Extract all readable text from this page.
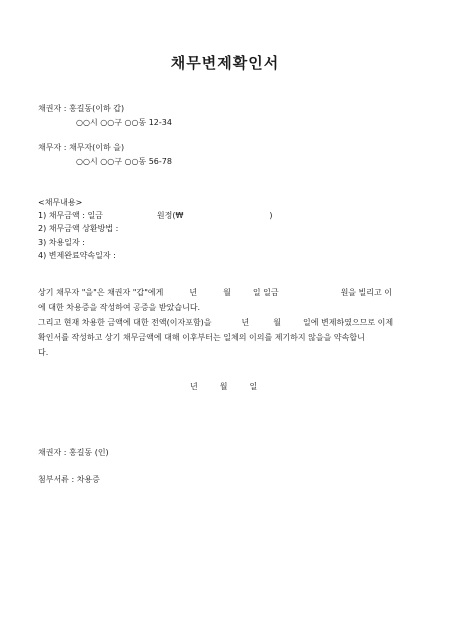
채무변제확인서
채권자 : 홍길동(이하 갑)
○○시 ○○구 ○○동 12-34
채무자 : 채무자(이하 을)
○○시 ○○구 ○○동 56-78
<채무내용>
1) 채무금액 : 일금	원정(₩	)
2) 채무금액 상환방법 :
3) 차용일자 :
4) 변제완료약속일자 :
상기 채무자 "을"은 채권자 "갑"에게	년	월	일 일금	원을 빌리고 이
에 대한 차용증을 작성하여 공증을 받았습니다.
그리고 현재 차용한 금액에 대한 전액(이자포함)을	년	월	일에 변제하였으므로 이제
확인서를 작성하고 상기 채무금액에 대해 이후부터는 일체의 이의를 제기하지 않을을 약속합니
다.
년	월	일
채권자 : 홍길동 (인)
첨부서류 : 차용증
